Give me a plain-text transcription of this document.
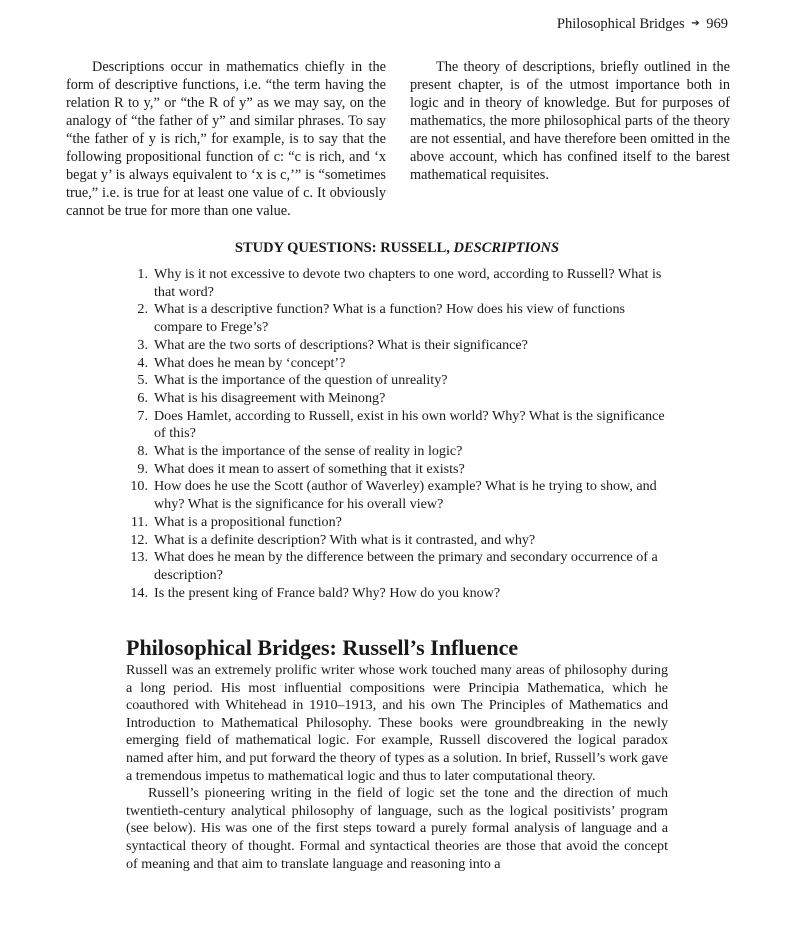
Philosophical Bridges ➔ 969

Descriptions occur in mathematics chiefly in the form of descriptive functions, i.e. “the term having the relation R to y,” or “the R of y” as we may say, on the analogy of “the father of y” and similar phrases. To say “the father of y is rich,” for example, is to say that the following propositional function of c: “c is rich, and ‘x begat y’ is always equivalent to ‘x is c,’” is “sometimes true,” i.e. is true for at least one value of c. It obviously cannot be true for more than one value.

The theory of descriptions, briefly outlined in the present chapter, is of the utmost importance both in logic and in theory of knowledge. But for purposes of mathematics, the more philosophical parts of the theory are not essential, and have therefore been omitted in the above account, which has confined itself to the barest mathematical requisites.

STUDY QUESTIONS: RUSSELL, DESCRIPTIONS
1. Why is it not excessive to devote two chapters to one word, according to Russell? What is that word?
2. What is a descriptive function? What is a function? How does his view of functions compare to Frege’s?
3. What are the two sorts of descriptions? What is their significance?
4. What does he mean by ‘concept’?
5. What is the importance of the question of unreality?
6. What is his disagreement with Meinong?
7. Does Hamlet, according to Russell, exist in his own world? Why? What is the significance of this?
8. What is the importance of the sense of reality in logic?
9. What does it mean to assert of something that it exists?
10. How does he use the Scott (author of Waverley) example? What is he trying to show, and why? What is the significance for his overall view?
11. What is a propositional function?
12. What is a definite description? With what is it contrasted, and why?
13. What does he mean by the difference between the primary and secondary occurrence of a description?
14. Is the present king of France bald? Why? How do you know?
Philosophical Bridges: Russell’s Influence

Russell was an extremely prolific writer whose work touched many areas of philosophy during a long period. His most influential compositions were Principia Mathematica, which he coauthored with Whitehead in 1910–1913, and his own The Principles of Mathematics and Introduction to Mathematical Philosophy. These books were groundbreaking in the newly emerging field of mathematical logic. For example, Russell discovered the logical paradox named after him, and put forward the theory of types as a solution. In brief, Russell’s work gave a tremendous impetus to mathematical logic and thus to later computational theory.

Russell’s pioneering writing in the field of logic set the tone and the direction of much twentieth-century analytical philosophy of language, such as the logical positivists’ program (see below). His was one of the first steps toward a purely formal analysis of language and a syntactical theory of thought. Formal and syntactical theories are those that avoid the concept of meaning and that aim to translate language and reasoning into a
